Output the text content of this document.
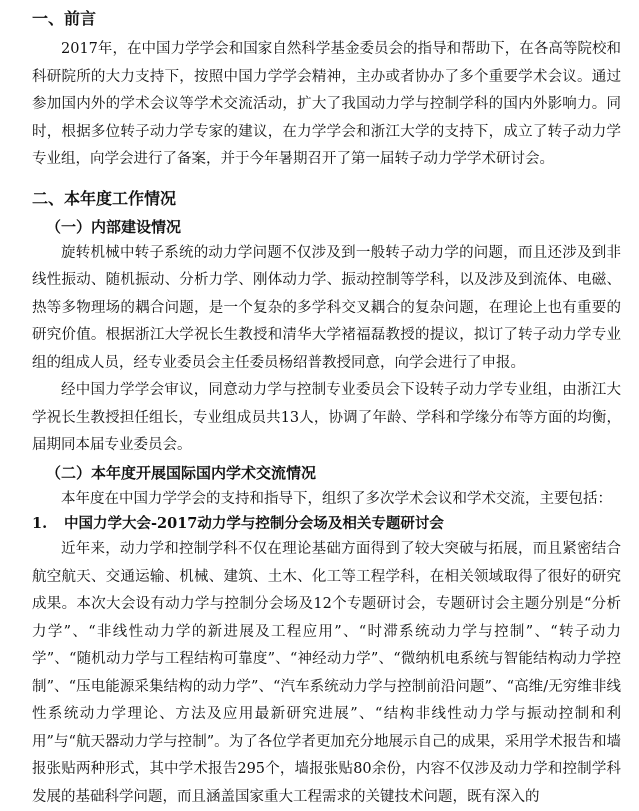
一、前言

2017年，在中国力学学会和国家自然科学基金委员会的指导和帮助下，在各高等院校和科研院所的大力支持下，按照中国力学学会精神，主办或者协办了多个重要学术会议。通过参加国内外的学术会议等学术交流活动，扩大了我国动力学与控制学科的国内外影响力。同时，根据多位转子动力学专家的建议，在力学学会和浙江大学的支持下，成立了转子动力学专业组，向学会进行了备案，并于今年暑期召开了第一届转子动力学学术研讨会。

二、本年度工作情况
（一）内部建设情况

旋转机械中转子系统的动力学问题不仅涉及到一般转子动力学的问题，而且还涉及到非线性振动、随机振动、分析力学、刚体动力学、振动控制等学科，以及涉及到流体、电磁、热等多物理场的耦合问题，是一个复杂的多学科交叉耦合的复杂问题，在理论上也有重要的研究价值。根据浙江大学祝长生教授和清华大学褚福磊教授的提议，拟订了转子动力学专业组的组成人员，经专业委员会主任委员杨绍普教授同意，向学会进行了申报。

经中国力学学会审议，同意动力学与控制专业委员会下设转子动力学专业组，由浙江大学祝长生教授担任组长，专业组成员共13人，协调了年龄、学科和学缘分布等方面的均衡，届期同本届专业委员会。

（二）本年度开展国际国内学术交流情况

本年度在中国力学学会的支持和指导下，组织了多次学术会议和学术交流，主要包括：

1. 中国力学大会-2017动力学与控制分会场及相关专题研讨会

近年来，动力学和控制学科不仅在理论基础方面得到了较大突破与拓展，而且紧密结合航空航天、交通运输、机械、建筑、土木、化工等工程学科，在相关领域取得了很好的研究成果。本次大会设有动力学与控制分会场及12个专题研讨会，专题研讨会主题分别是“分析力学”、“非线性动力学的新进展及工程应用”、“时滞系统动力学与控制”、“转子动力学”、“随机动力学与工程结构可靠度”、“神经动力学”、“微纳机电系统与智能结构动力学控制”、“压电能源采集结构的动力学”、“汽车系统动力学与控制前沿问题”、“高维/无穷维非线性系统动力学理论、方法及应用最新研究进展”、“结构非线性动力学与振动控制和利用”与“航天器动力学与控制”。为了各位学者更加充分地展示自己的成果，采用学术报告和墙报张贴两种形式，其中学术报告295个，墙报张贴80余份，内容不仅涉及动力学和控制学科发展的基础科学问题，而且涵盖国家重大工程需求的关键技术问题，既有深入的
